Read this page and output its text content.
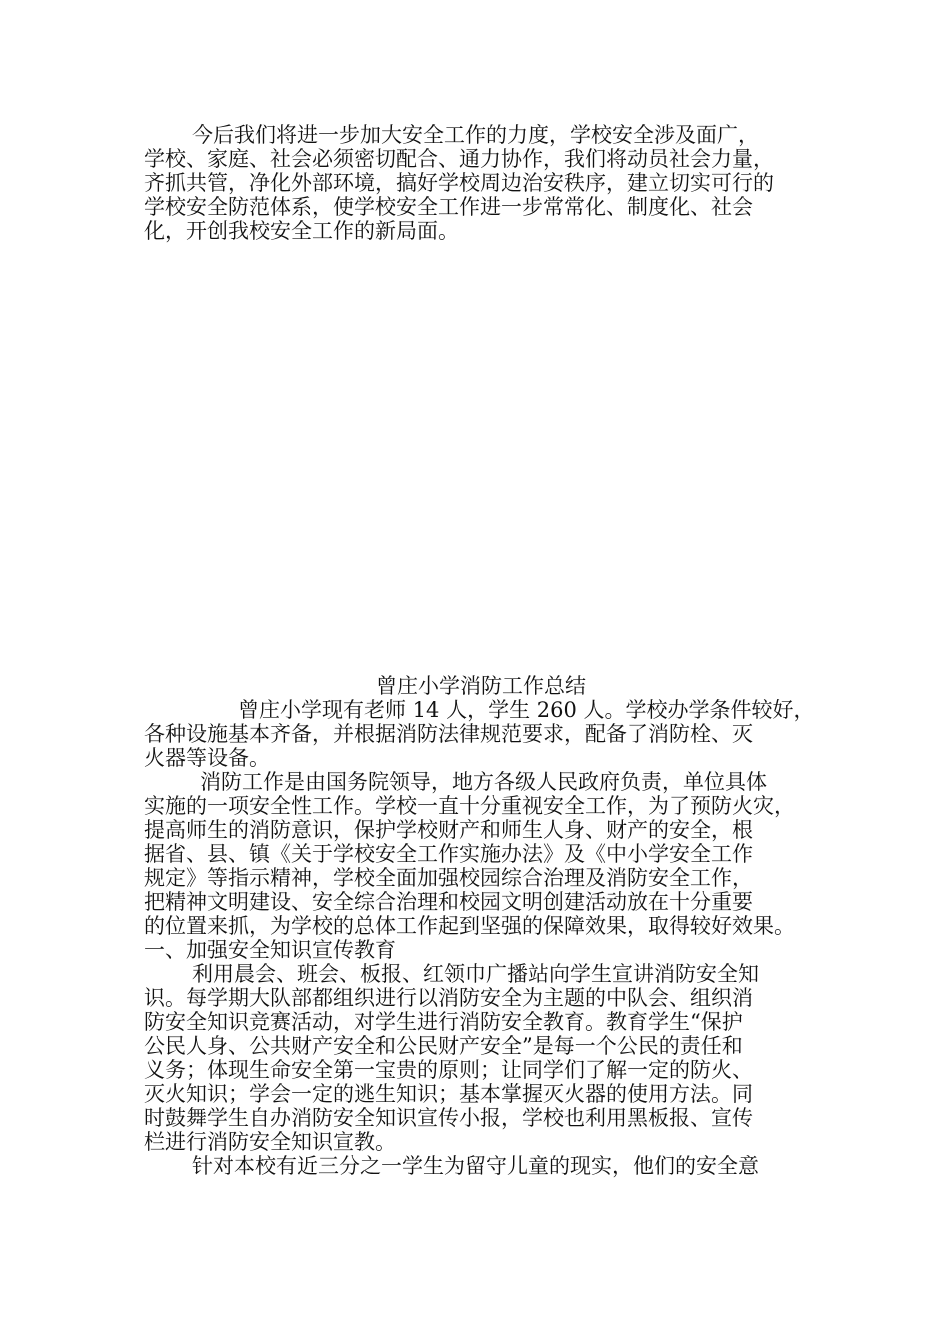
今后我们将进一步加大安全工作的力度，学校安全涉及面广，
学校、家庭、社会必须密切配合、通力协作，我们将动员社会力量，
齐抓共管，净化外部环境，搞好学校周边治安秩序，建立切实可行的
学校安全防范体系，使学校安全工作进一步常常化、制度化、社会
化，开创我校安全工作的新局面。
曾庄小学消防工作总结
曾庄小学现有老师 14 人，学生 260 人。学校办学条件较好，
各种设施基本齐备，并根据消防法律规范要求，配备了消防栓、灭
火器等设备。
消防工作是由国务院领导，地方各级人民政府负责，单位具体
实施的一项安全性工作。学校一直十分重视安全工作，为了预防火灾，
提高师生的消防意识，保护学校财产和师生人身、财产的安全，根
据省、县、镇《关于学校安全工作实施办法》及《中小学安全工作
规定》等指示精神，学校全面加强校园综合治理及消防安全工作，
把精神文明建设、安全综合治理和校园文明创建活动放在十分重要
的位置来抓，为学校的总体工作起到坚强的保障效果，取得较好效果。
一、加强安全知识宣传教育
利用晨会、班会、板报、红领巾广播站向学生宣讲消防安全知
识。每学期大队部都组织进行以消防安全为主题的中队会、组织消
防安全知识竞赛活动，对学生进行消防安全教育。教育学生“保护
公民人身、公共财产安全和公民财产安全”是每一个公民的责任和
义务；体现生命安全第一宝贵的原则；让同学们了解一定的防火、
灭火知识；学会一定的逃生知识；基本掌握灭火器的使用方法。同
时鼓舞学生自办消防安全知识宣传小报，学校也利用黑板报、宣传
栏进行消防安全知识宣教。
针对本校有近三分之一学生为留守儿童的现实，他们的安全意
